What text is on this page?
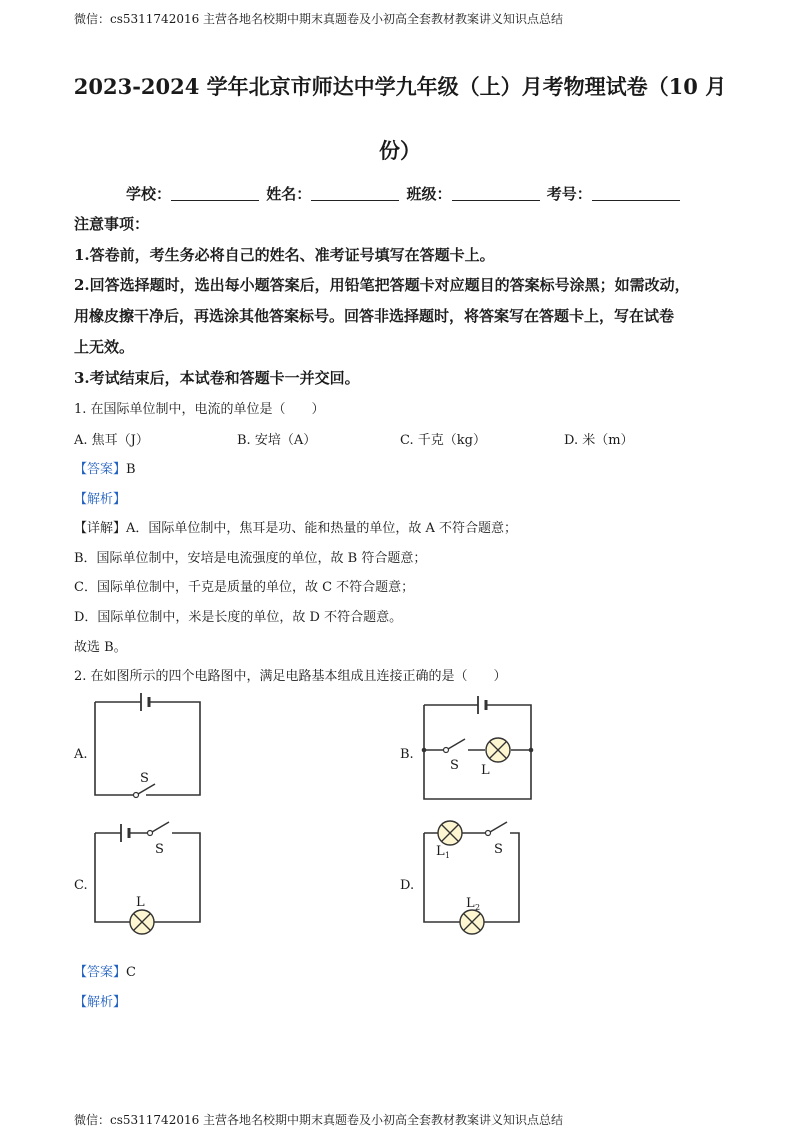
微信：cs5311742016 主营各地名校期中期末真题卷及小初高全套教材教案讲义知识点总结
2023-2024 学年北京市师达中学九年级（上）月考物理试卷（10 月
份）
学校：	姓名：	班级：	考号：
注意事项：
1.答卷前，考生务必将自己的姓名、准考证号填写在答题卡上。
2.回答选择题时，选出每小题答案后，用铅笔把答题卡对应题目的答案标号涂黑；如需改动，
用橡皮擦干净后，再选涂其他答案标号。回答非选择题时，将答案写在答题卡上，写在试卷
上无效。
3.考试结束后，本试卷和答题卡一并交回。
1. 在国际单位制中，电流的单位是（　　）
A. 焦耳（J）	B. 安培（A）	C. 千克（kg）	D. 米（m）
【答案】B
【解析】
【详解】A．国际单位制中，焦耳是功、能和热量的单位，故 A 不符合题意；
B．国际单位制中，安培是电流强度的单位，故 B 符合题意；
C．国际单位制中，千克是质量的单位，故 C 不符合题意；
D．国际单位制中，米是长度的单位，故 D 不符合题意。
故选 B。
2. 在如图所示的四个电路图中，满足电路基本组成且连接正确的是（　　）
A.
S
B.
S L
C.
S
L
D.
S
L 1
L 2
【答案】C
【解析】
微信：cs5311742016 主营各地名校期中期末真题卷及小初高全套教材教案讲义知识点总结
